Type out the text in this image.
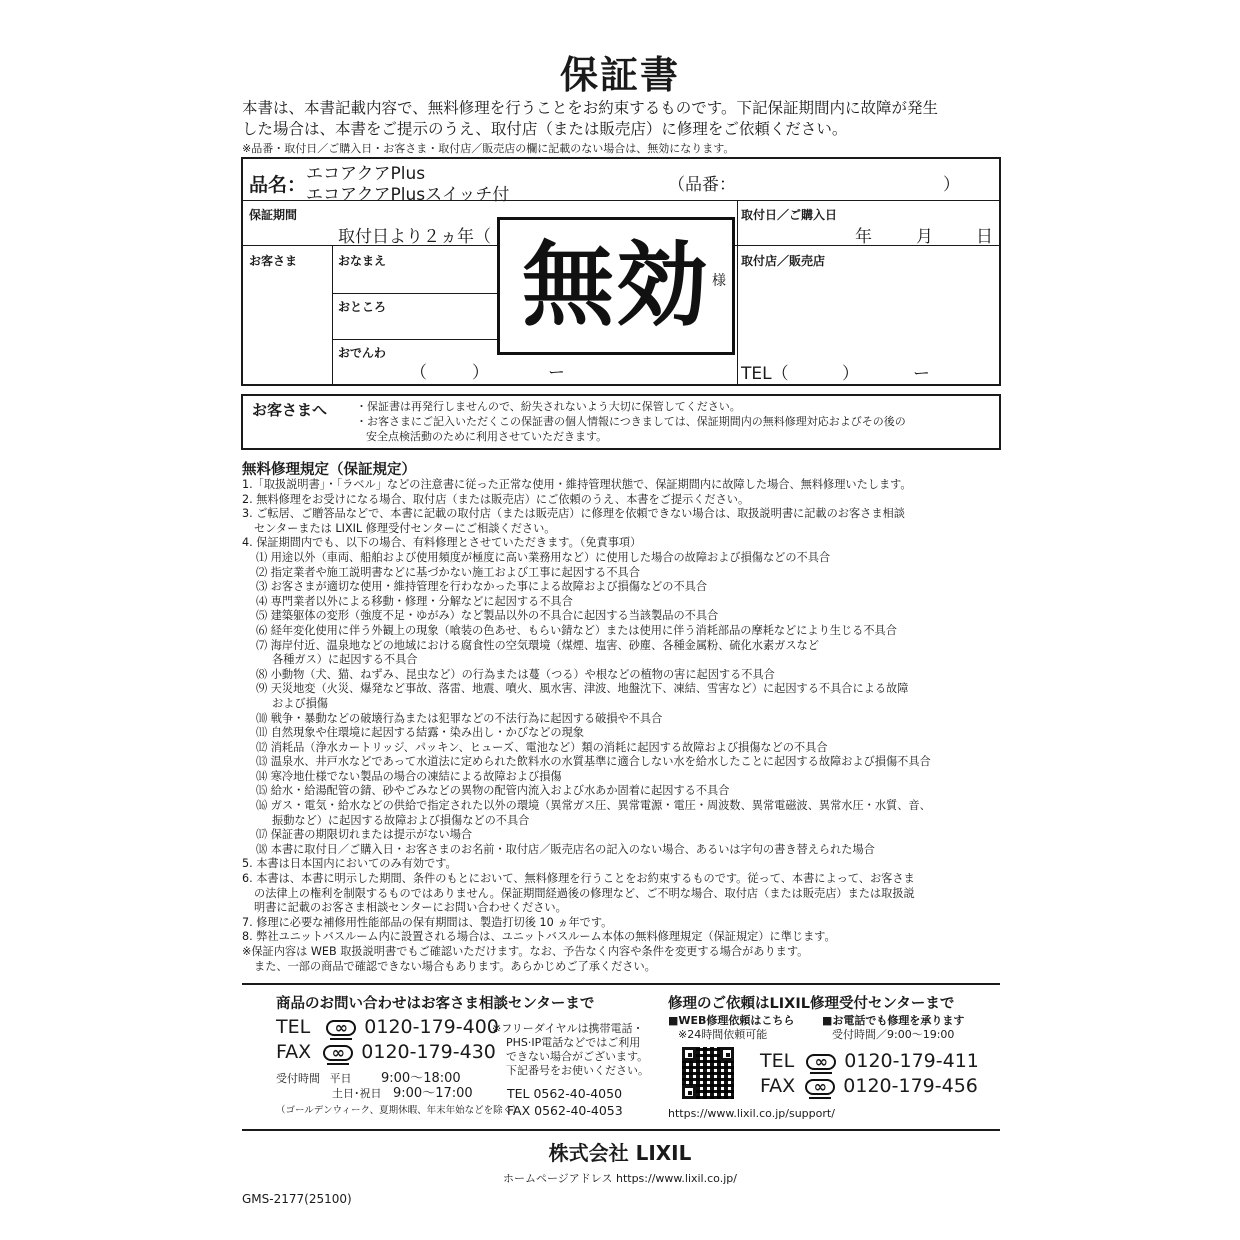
保証書
本書は、本書記載内容で、無料修理を行うことをお約束するものです。下記保証期間内に故障が発生
した場合は、本書をご提示のうえ、取付店（または販売店）に修理をご依頼ください。
※品番・取付日／ご購入日・お客さま・取付店／販売店の欄に記載のない場合は、無効になります。
品名： エコアクアPlus
エコアクアPlusスイッチ付	（品番：	）
保証期間
取付日より２ヵ年（
取付日／ご購入日
年	月	日
お客さま	おなまえ
おところ
おでんわ
（	）	ー
取付店／販売店
TEL（	）	ー
無効 様
お客さまへ	・保証書は再発行しませんので、紛失されないよう大切に保管してください。
・お客さまにご記入いただくこの保証書の個人情報につきましては、保証期間内の無料修理対応およびその後の
安全点検活動のために利用させていただきます。
無料修理規定（保証規定）
1.「取扱説明書」・「ラベル」などの注意書に従った正常な使用・維持管理状態で、保証期間内に故障した場合、無料修理いたします。
2. 無料修理をお受けになる場合、取付店（または販売店）にご依頼のうえ、本書をご提示ください。
3. ご転居、ご贈答品などで、本書に記載の取付店（または販売店）に修理を依頼できない場合は、取扱説明書に記載のお客さま相談
センターまたは LIXIL 修理受付センターにご相談ください。
4. 保証期間内でも、以下の場合、有料修理とさせていただきます。（免責事項）
⑴ 用途以外（車両、船舶および使用頻度が極度に高い業務用など）に使用した場合の故障および損傷などの不具合
⑵ 指定業者や施工説明書などに基づかない施工および工事に起因する不具合
⑶ お客さまが適切な使用・維持管理を行わなかった事による故障および損傷などの不具合
⑷ 専門業者以外による移動・修理・分解などに起因する不具合
⑸ 建築躯体の変形（強度不足・ゆがみ）など製品以外の不具合に起因する当該製品の不具合
⑹ 経年変化使用に伴う外観上の現象（喰装の色あせ、もらい錆など）または使用に伴う消耗部品の摩耗などにより生じる不具合
⑺ 海岸付近、温泉地などの地域における腐食性の空気環境（煤煙、塩害、砂塵、各種金属粉、硫化水素ガスなど
各種ガス）に起因する不具合
⑻ 小動物（犬、猫、ねずみ、昆虫など）の行為または蔓（つる）や根などの植物の害に起因する不具合
⑼ 天災地変（火災、爆発など事故、落雷、地震、噴火、風水害、津波、地盤沈下、凍結、雪害など）に起因する不具合による故障
および損傷
⑽ 戦争・暴動などの破壊行為または犯罪などの不法行為に起因する破損や不具合
⑾ 自然現象や住環境に起因する結露・染み出し・かびなどの現象
⑿ 消耗品（浄水カートリッジ、パッキン、ヒューズ、電池など）類の消耗に起因する故障および損傷などの不具合
⒀ 温泉水、井戸水などであって水道法に定められた飲料水の水質基準に適合しない水を給水したことに起因する故障および損傷不具合
⒁ 寒冷地仕様でない製品の場合の凍結による故障および損傷
⒂ 給水・給湯配管の錆、砂やごみなどの異物の配管内流入および水あか固着に起因する不具合
⒃ ガス・電気・給水などの供給で指定された以外の環境（異常ガス圧、異常電源・電圧・周波数、異常電磁波、異常水圧・水質、音、
振動など）に起因する故障および損傷などの不具合
⒄ 保証書の期限切れまたは提示がない場合
⒅ 本書に取付日／ご購入日・お客さまのお名前・取付店／販売店名の記入のない場合、あるいは字句の書き替えられた場合
5. 本書は日本国内においてのみ有効です。
6. 本書は、本書に明示した期間、条件のもとにおいて、無料修理を行うことをお約束するものです。従って、本書によって、お客さま
の法律上の権利を制限するものではありません。保証期間経過後の修理など、ご不明な場合、取付店（または販売店）または取扱説
明書に記載のお客さま相談センターにお問い合わせください。
7. 修理に必要な補修用性能部品の保有期間は、製造打切後 10 ヵ年です。
8. 弊社ユニットバスルーム内に設置される場合は、ユニットバスルーム本体の無料修理規定（保証規定）に準じます。
※保証内容は WEB 取扱説明書でもご確認いただけます。なお、予告なく内容や条件を変更する場合があります。
また、一部の商品で確認できない場合もあります。あらかじめご了承ください。
商品のお問い合わせはお客さま相談センターまで
TEL ∞	0120-179-400
FAX ∞	0120-179-430
※フリーダイヤルは携帯電話・
PHS·IP電話などではご利用
できない場合がございます。
下記番号をお使いください。
受付時間 平日 9:00〜18:00
土日･祝日 9:00〜17:00
（ゴールデンウィーク、夏期休暇、年末年始などを除く）
TEL 0562-40-4050
FAX 0562-40-4053
修理のご依頼はLIXIL修理受付センターまで
■WEB修理依頼はこちら
※24時間依頼可能
■お電話でも修理を承ります
受付時間／9:00〜19:00
TEL ∞	0120-179-411
FAX ∞	0120-179-456
https://www.lixil.co.jp/support/
株式会社 LIXIL
ホームページアドレス https://www.lixil.co.jp/
GMS-2177(25100)
